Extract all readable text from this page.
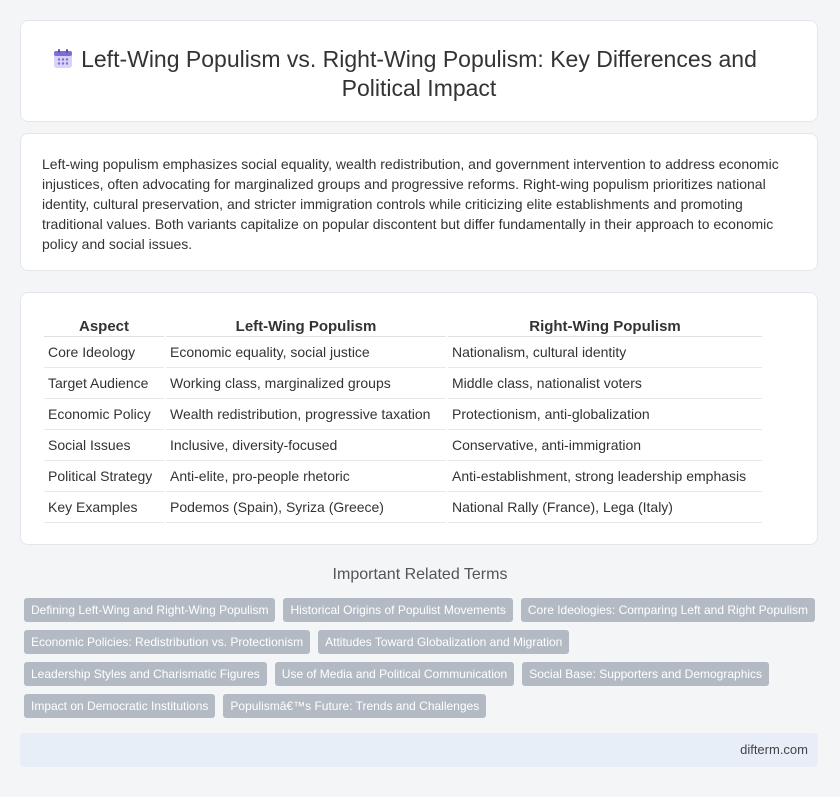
Left-Wing Populism vs. Right-Wing Populism: Key Differences and Political Impact

Left-wing populism emphasizes social equality, wealth redistribution, and government intervention to address economic injustices, often advocating for marginalized groups and progressive reforms. Right-wing populism prioritizes national identity, cultural preservation, and stricter immigration controls while criticizing elite establishments and promoting traditional values. Both variants capitalize on popular discontent but differ fundamentally in their approach to economic policy and social issues.

Aspect	Left-Wing Populism	Right-Wing Populism
Core Ideology	Economic equality, social justice	Nationalism, cultural identity
Target Audience	Working class, marginalized groups	Middle class, nationalist voters
Economic Policy	Wealth redistribution, progressive taxation	Protectionism, anti-globalization
Social Issues	Inclusive, diversity-focused	Conservative, anti-immigration
Political Strategy	Anti-elite, pro-people rhetoric	Anti-establishment, strong leadership emphasis
Key Examples	Podemos (Spain), Syriza (Greece)	National Rally (France), Lega (Italy)
Important Related Terms
Defining Left-Wing and Right-Wing Populism	Historical Origins of Populist Movements	Core Ideologies: Comparing Left and Right Populism
Economic Policies: Redistribution vs. Protectionism	Attitudes Toward Globalization and Migration
Leadership Styles and Charismatic Figures	Use of Media and Political Communication	Social Base: Supporters and Demographics
Impact on Democratic Institutions	Populismâ€™s Future: Trends and Challenges
difterm.com
